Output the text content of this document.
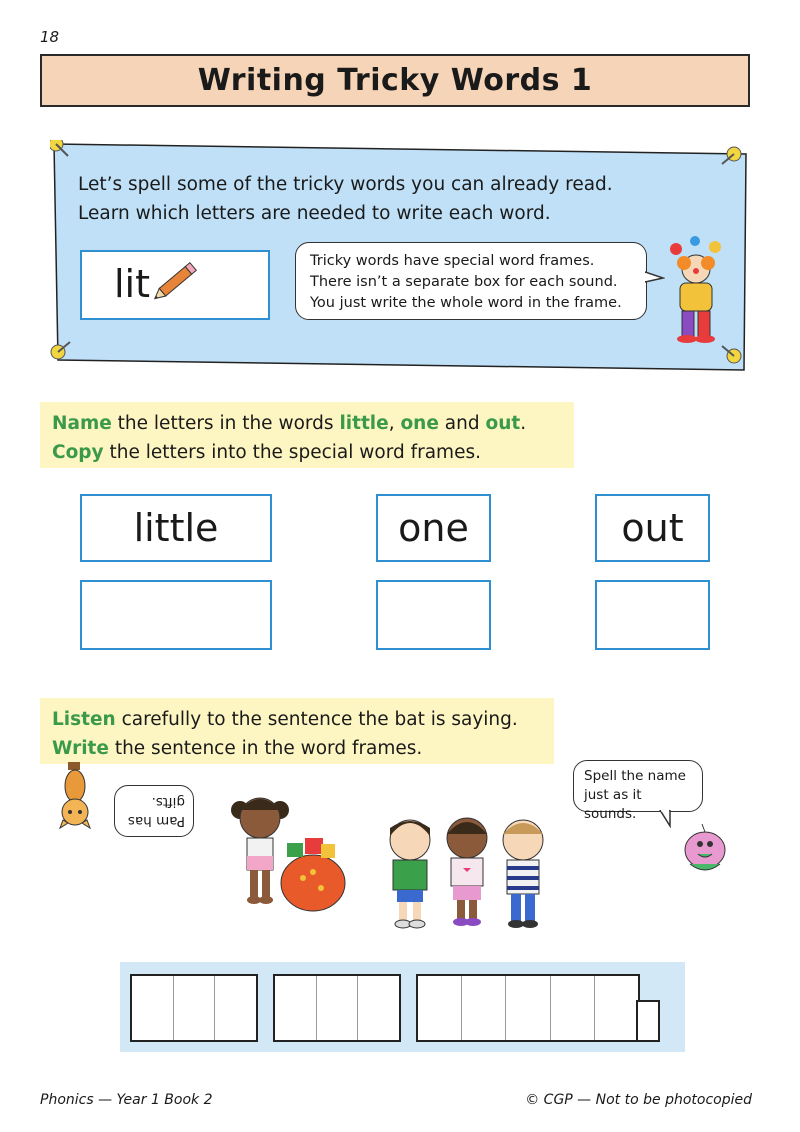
18
Writing Tricky Words 1
Let’s spell some of the tricky words you can already read.
Learn which letters are needed to write each word.
lit
Tricky words have special word frames.
There isn’t a separate box for each sound.
You just write the whole word in the frame.
Name the letters in the words little, one and out.
Copy the letters into the special word frames.
little	one	out
Listen carefully to the sentence the bat is saying.
Write the sentence in the word frames.
Pam has
gifts.
Spell the name
just as it sounds.
Phonics — Year 1 Book 2	© CGP — Not to be photocopied
